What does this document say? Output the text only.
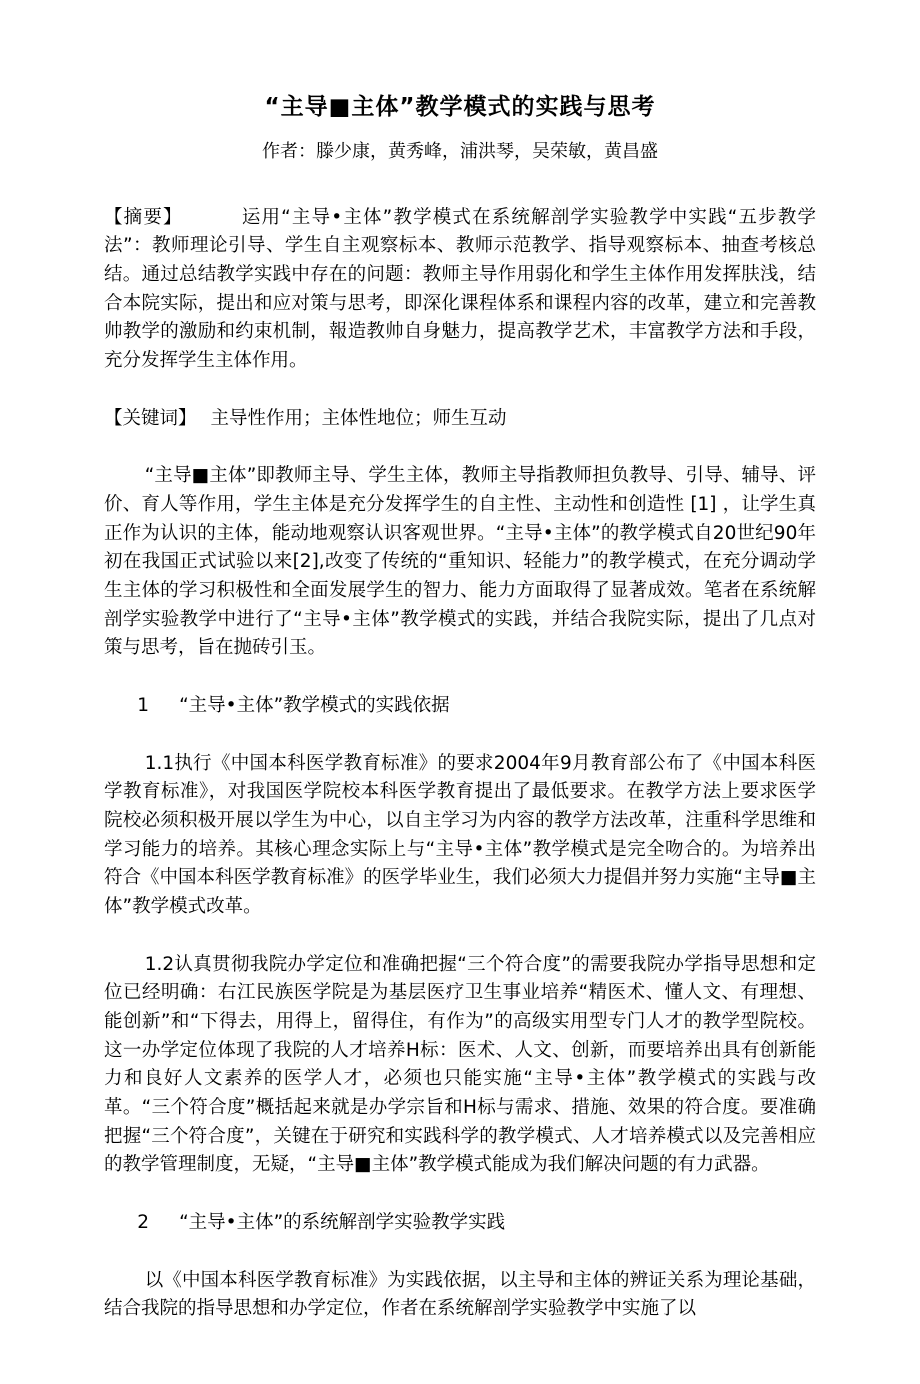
“主导■主体”教学模式的实践与思考
作者：滕少康，黄秀峰，浦洪琴，吴荣敏，黄昌盛

【摘要】	运用“主导•主体”教学模式在系统解剖学实验教学中实践“五步教学法”：教师理论引导、学生自主观察标本、教师示范教学、指导观察标本、抽查考核总结。通过总结教学实践中存在的问题：教师主导作用弱化和学生主体作用发挥肤浅，结合本院实际，提出和应对策与思考，即深化课程体系和课程内容的改革，建立和完善教帅教学的激励和约束机制，報造教帅自身魅力，提高教学艺术，丰富教学方法和手段，充分发挥学生主体作用。

【关键词】 主导性作用；主体性地位；师生互动

“主导■主体”即教师主导、学生主体，教师主导指教师担负教导、引导、辅导、评价、育人等作用，学生主体是充分发挥学生的自主性、主动性和创造性 [1] ，让学生真正作为认识的主体，能动地观察认识客观世界。“主导•主体”的教学模式自20世纪90年初在我国正式试验以来[2],改变了传统的“重知识、轻能力”的教学模式，在充分调动学生主体的学习积极性和全面发展学生的智力、能力方面取得了显著成效。笔者在系统解剖学实验教学中进行了“主导•主体”教学模式的实践，并结合我院实际，提出了几点对策与思考，旨在抛砖引玉。

1 “主导•主体”教学模式的实践依据

1.1执行《中国本科医学教育标准》的要求2004年9月教育部公布了《中国本科医学教育标准》，对我国医学院校本科医学教育提出了最低要求。在教学方法上要求医学院校必须积极开展以学生为中心，以自主学习为内容的教学方法改革，注重科学思维和学习能力的培养。其核心理念实际上与“主导•主体”教学模式是完全吻合的。为培养出符合《中国本科医学教育标准》的医学毕业生，我们必须大力提倡并努力实施“主导■主体”教学模式改革。

1.2认真贯彻我院办学定位和准确把握“三个符合度”的需要我院办学指导思想和定位已经明确：右江民族医学院是为基层医疗卫生事业培养“精医术、懂人文、有理想、能创新”和“下得去，用得上，留得住，有作为”的高级实用型专门人才的教学型院校。这一办学定位体现了我院的人才培养H标：医术、人文、创新，而要培养出具有创新能力和良好人文素养的医学人才，必须也只能实施“主导•主体”教学模式的实践与改革。“三个符合度”概括起来就是办学宗旨和H标与需求、措施、效果的符合度。要准确把握“三个符合度”，关键在于研究和实践科学的教学模式、人才培养模式以及完善相应的教学管理制度，无疑，“主导■主体”教学模式能成为我们解决问题的有力武器。

2 “主导•主体”的系统解剖学实验教学实践

以《中国本科医学教育标准》为实践依据，以主导和主体的辨证关系为理论基础，结合我院的指导思想和办学定位，作者在系统解剖学实验教学中实施了以
